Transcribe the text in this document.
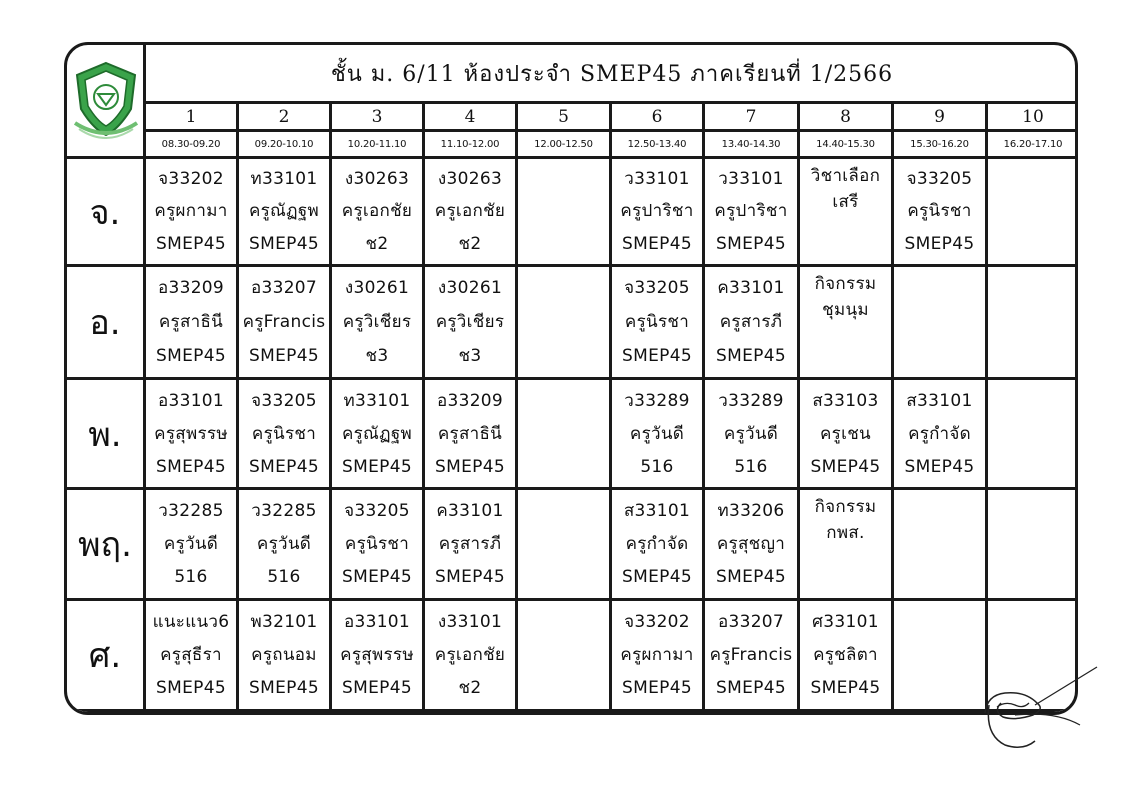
ชั้น ม. 6/11 ห้องประจำ SMEP45 ภาคเรียนที่ 1/2566
1
08.30-09.20
2
09.20-10.10
3
10.20-11.10
4
11.10-12.00
5
12.00-12.50
6
12.50-13.40
7
13.40-14.30
8
14.40-15.30
9
15.30-16.20
10
16.20-17.10
จ.
จ33202
ครูผกามา
SMEP45
ท33101
ครูณัฏฐพ
SMEP45
ง30263
ครูเอกชัย
ช2
ง30263
ครูเอกชัย
ช2
ว33101
ครูปาริชา
SMEP45
ว33101
ครูปาริชา
SMEP45
วิชาเลือก
เสรี
จ33205
ครูนิรชา
SMEP45
อ.
อ33209
ครูสาธินี
SMEP45
อ33207
ครูFrancis
SMEP45
ง30261
ครูวิเชียร
ช3
ง30261
ครูวิเชียร
ช3
จ33205
ครูนิรชา
SMEP45
ค33101
ครูสารภี
SMEP45
กิจกรรม
ชุมนุม
พ.
อ33101
ครูสุพรรษ
SMEP45
จ33205
ครูนิรชา
SMEP45
ท33101
ครูณัฏฐพ
SMEP45
อ33209
ครูสาธินี
SMEP45
ว33289
ครูวันดี
516
ว33289
ครูวันดี
516
ส33103
ครูเชน
SMEP45
ส33101
ครูกำจัด
SMEP45
พฤ.
ว32285
ครูวันดี
516
ว32285
ครูวันดี
516
จ33205
ครูนิรชา
SMEP45
ค33101
ครูสารภี
SMEP45
ส33101
ครูกำจัด
SMEP45
ท33206
ครูสุชญา
SMEP45
กิจกรรม
กพส.
ศ.
แนะแนว6
ครูสุธีรา
SMEP45
พ32101
ครูถนอม
SMEP45
อ33101
ครูสุพรรษ
SMEP45
ง33101
ครูเอกชัย
ช2
จ33202
ครูผกามา
SMEP45
อ33207
ครูFrancis
SMEP45
ศ33101
ครูชลิตา
SMEP45
